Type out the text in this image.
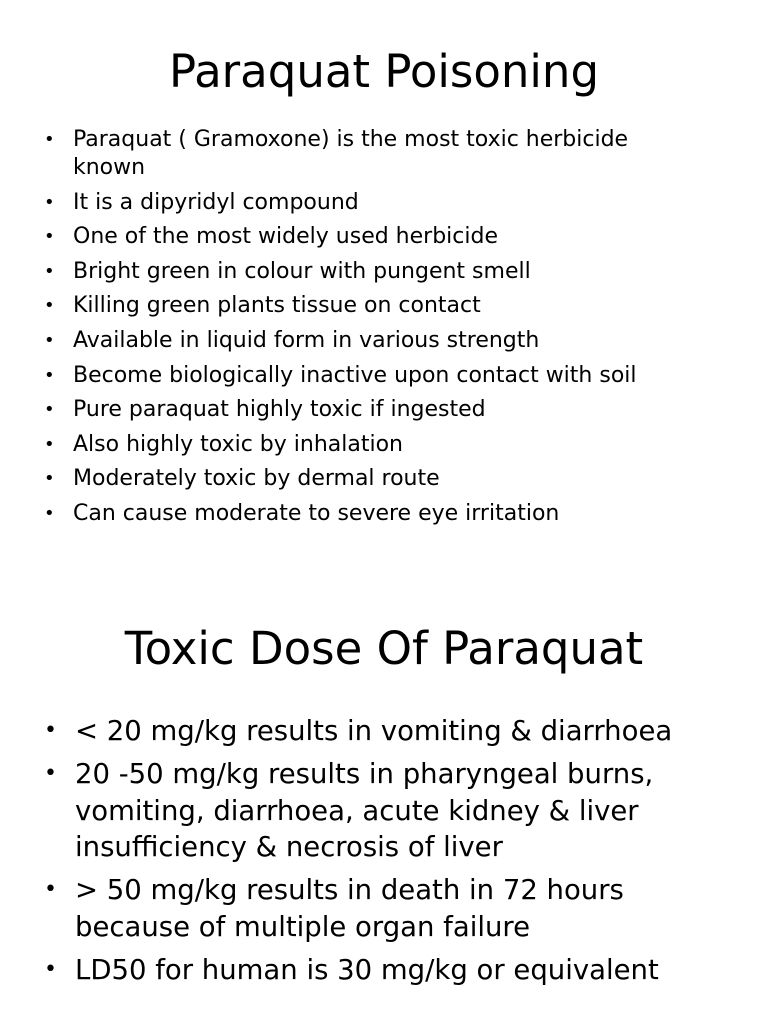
Paraquat Poisoning
• Paraquat ( Gramoxone) is the most toxic herbicide known
• It is a dipyridyl compound
• One of the most widely used herbicide
• Bright green in colour with pungent smell
• Killing green plants tissue on contact
• Available in liquid form in various strength
• Become biologically inactive upon contact with soil
• Pure paraquat highly toxic if ingested
• Also highly toxic by inhalation
• Moderately toxic by dermal route
• Can cause moderate to severe eye irritation
Toxic Dose Of Paraquat
• < 20 mg/kg results in vomiting & diarrhoea
• 20 -50 mg/kg results in pharyngeal burns, vomiting, diarrhoea, acute kidney & liver insufficiency & necrosis of liver
• > 50 mg/kg results in death in 72 hours because of multiple organ failure
• LD50 for human is 30 mg/kg or equivalent
